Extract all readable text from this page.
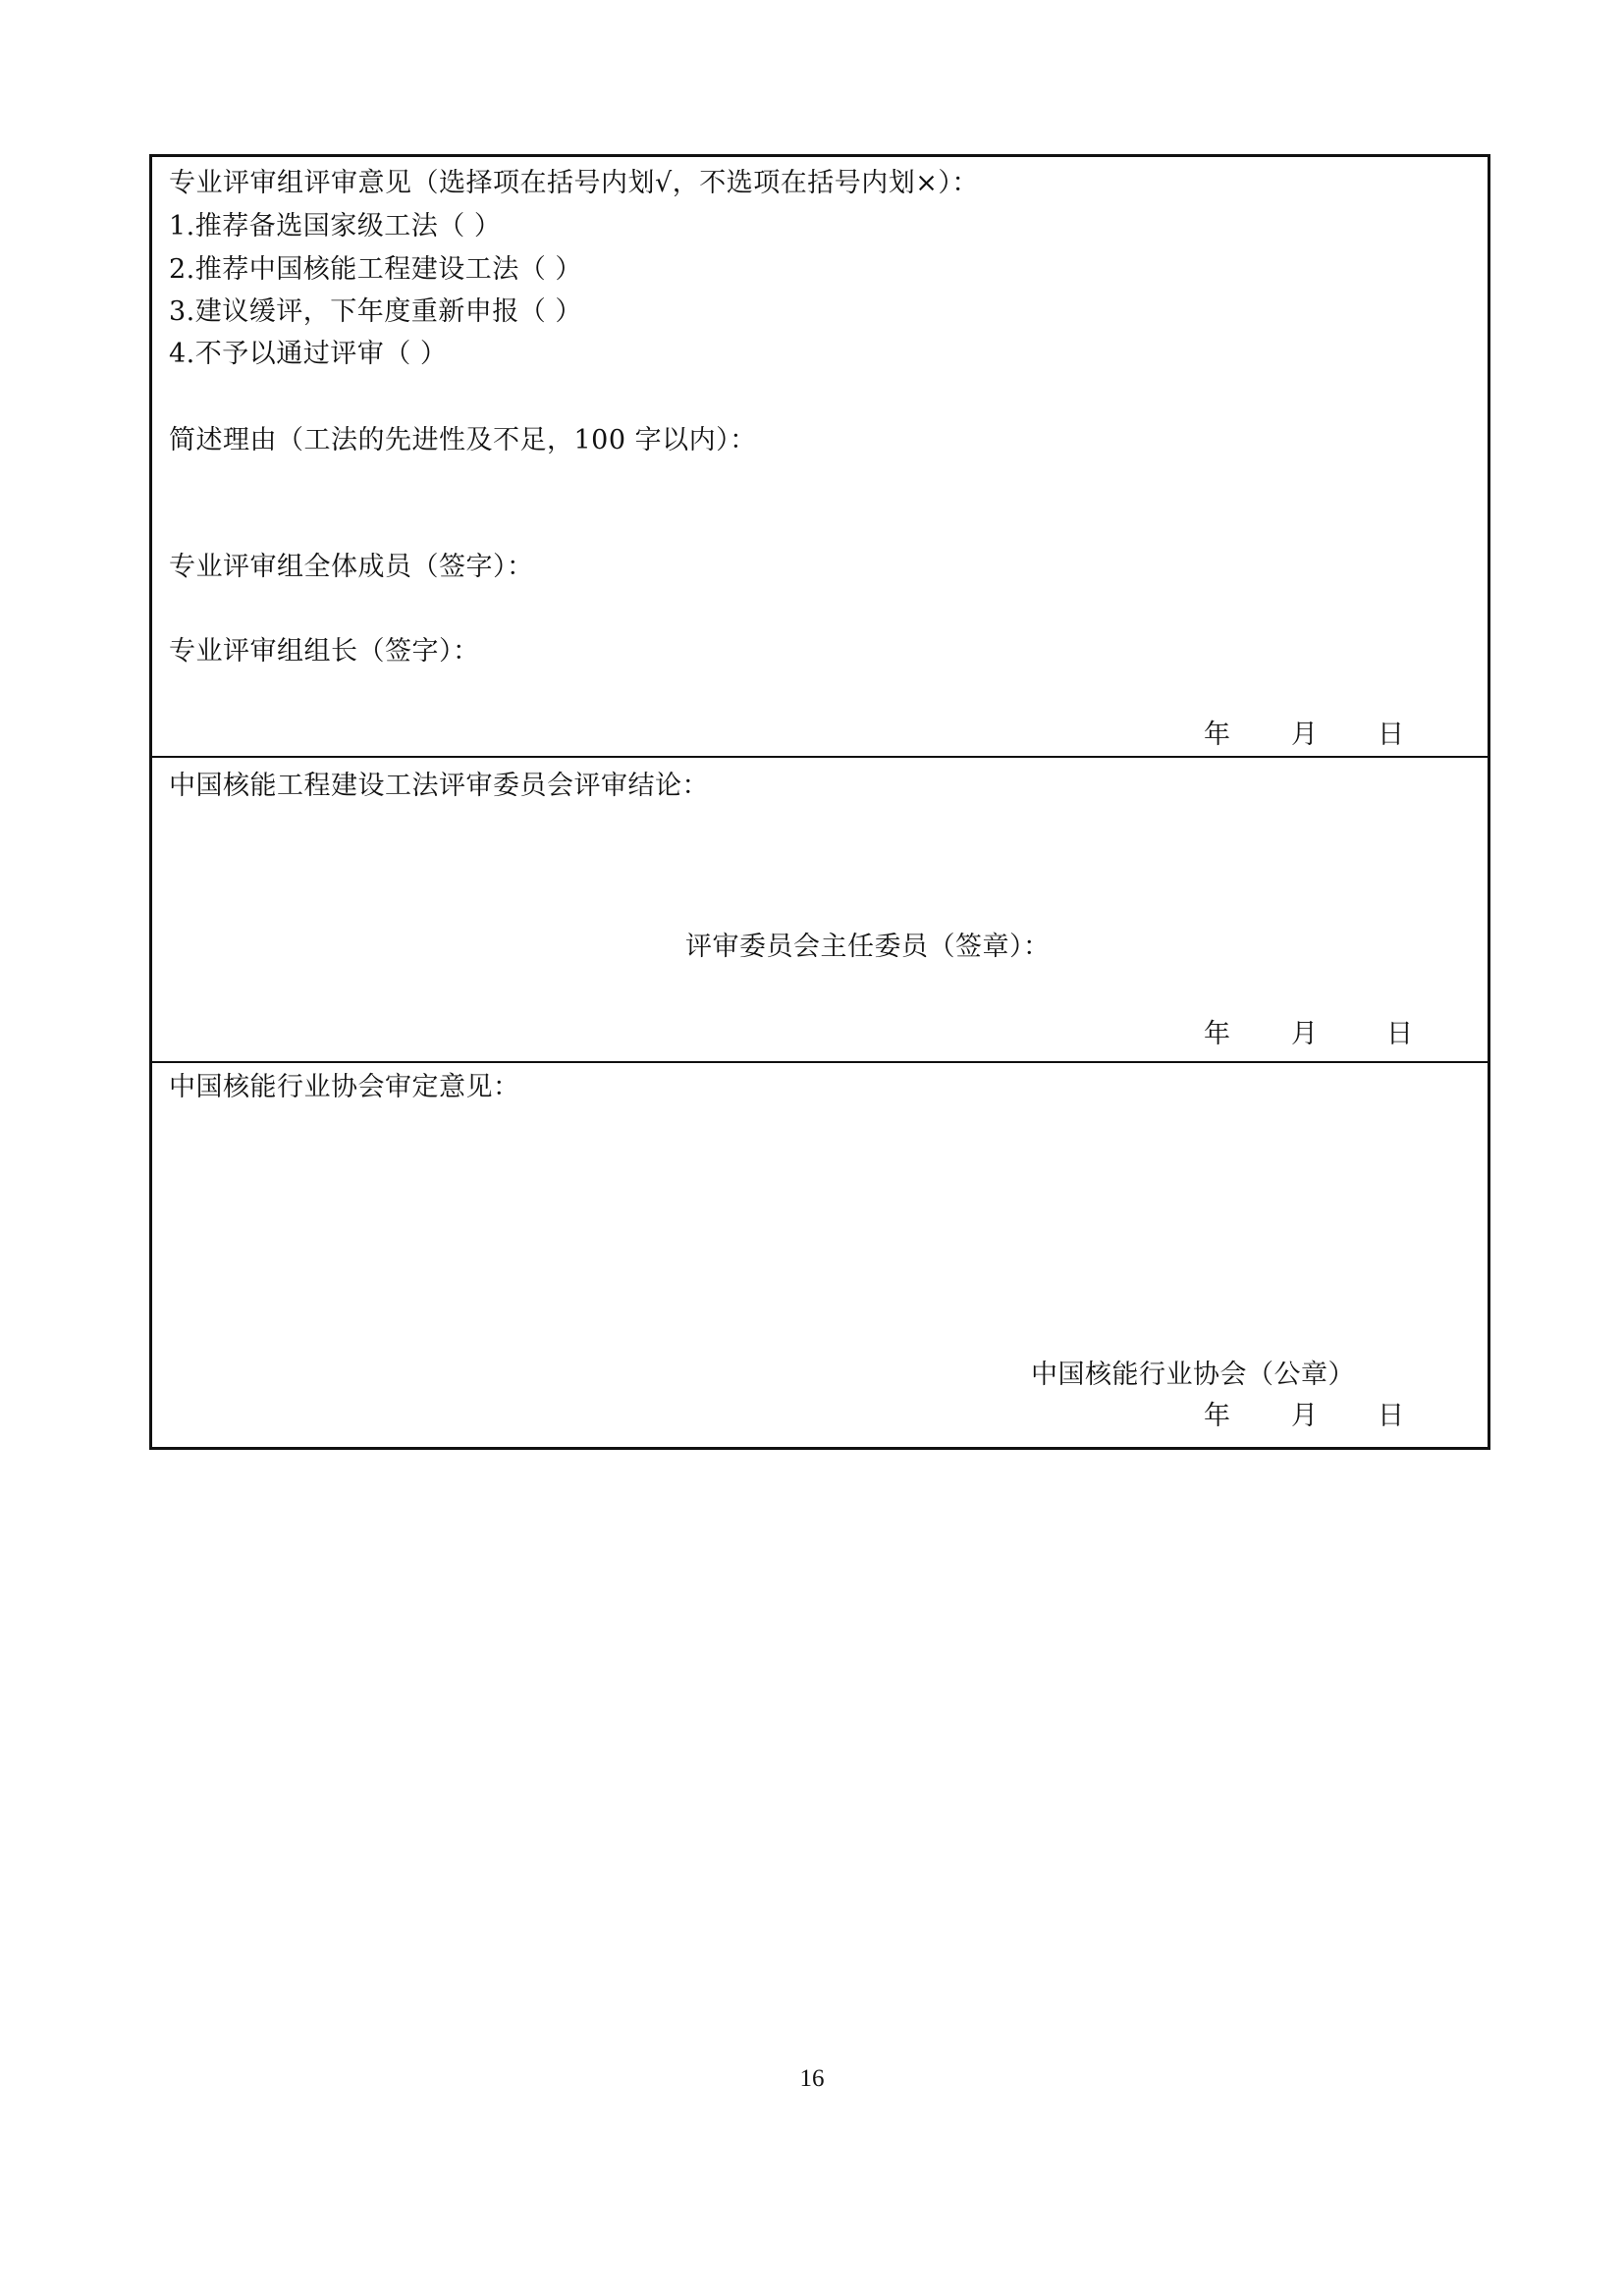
专业评审组评审意见（选择项在括号内划√，不选项在括号内划×）：
1.推荐备选国家级工法（ ）
2.推荐中国核能工程建设工法（ ）
3.建议缓评，下年度重新申报（ ）
4.不予以通过评审（ ）
简述理由（工法的先进性及不足，100 字以内）：
专业评审组全体成员（签字）：
专业评审组组长（签字）：
年 月 日
中国核能工程建设工法评审委员会评审结论：
评审委员会主任委员（签章）：
年 月	日
中国核能行业协会审定意见：
中国核能行业协会（公章）
年 月 日
16
